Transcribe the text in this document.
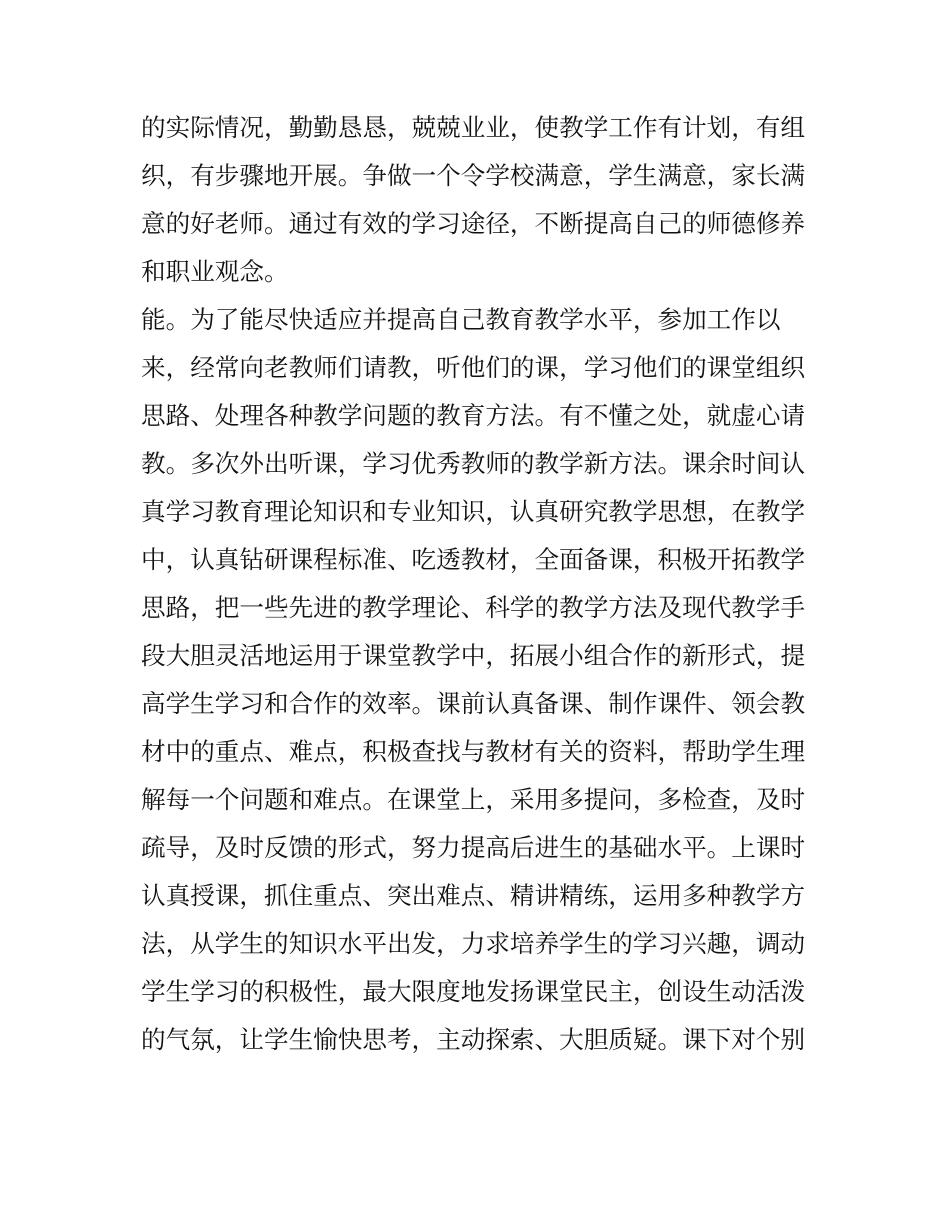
的实际情况，勤勤恳恳，兢兢业业，使教学工作有计划，有组
织，有步骤地开展。争做一个令学校满意，学生满意，家长满
意的好老师。通过有效的学习途径，不断提高自己的师德修养
和职业观念。
能。为了能尽快适应并提高自己教育教学水平，参加工作以
来，经常向老教师们请教，听他们的课，学习他们的课堂组织
思路、处理各种教学问题的教育方法。有不懂之处，就虚心请
教。多次外出听课，学习优秀教师的教学新方法。课余时间认
真学习教育理论知识和专业知识，认真研究教学思想，在教学
中，认真钻研课程标准、吃透教材，全面备课，积极开拓教学
思路，把一些先进的教学理论、科学的教学方法及现代教学手
段大胆灵活地运用于课堂教学中，拓展小组合作的新形式，提
高学生学习和合作的效率。课前认真备课、制作课件、领会教
材中的重点、难点，积极查找与教材有关的资料，帮助学生理
解每一个问题和难点。在课堂上，采用多提问，多检查，及时
疏导，及时反馈的形式，努力提高后进生的基础水平。上课时
认真授课，抓住重点、突出难点、精讲精练，运用多种教学方
法，从学生的知识水平出发，力求培养学生的学习兴趣，调动
学生学习的积极性，最大限度地发扬课堂民主，创设生动活泼
的气氛，让学生愉快思考，主动探索、大胆质疑。课下对个别
